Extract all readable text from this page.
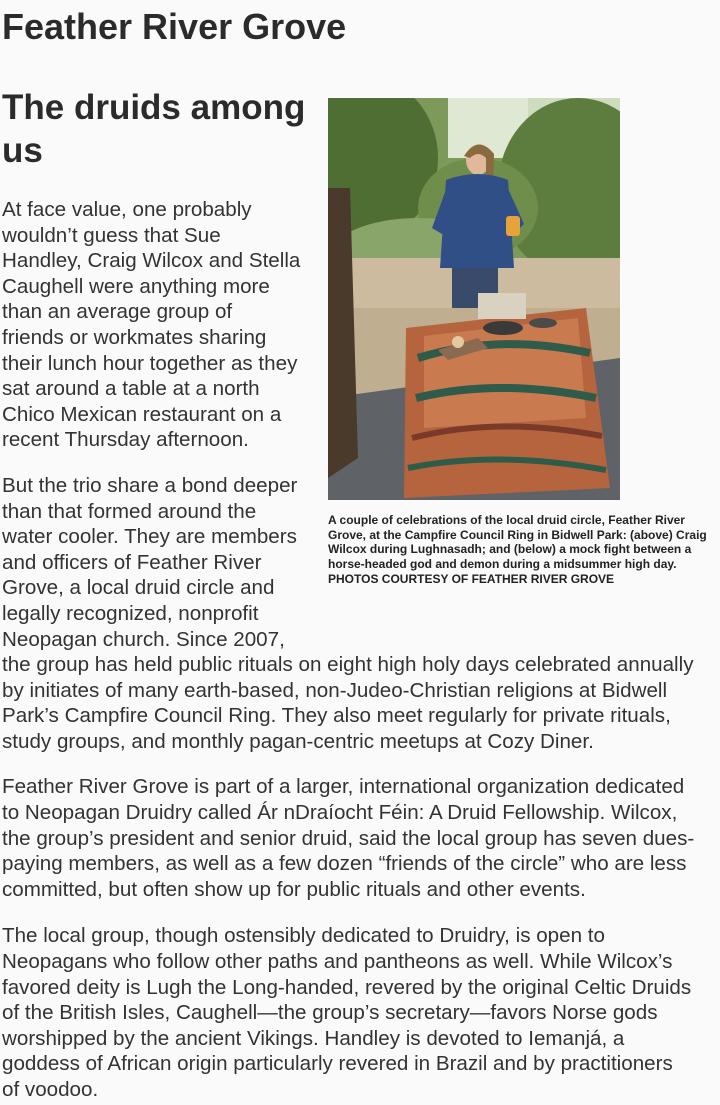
Feather River Grove
The druids among
us
A couple of celebrations of the local druid circle, Feather River
Grove, at the Campfire Council Ring in Bidwell Park: (above) Craig
Wilcox during Lughnasadh; and (below) a mock fight between a
horse-headed god and demon during a midsummer high day.
PHOTOS COURTESY OF FEATHER RIVER GROVE

At face value, one probably
wouldn’t guess that Sue
Handley, Craig Wilcox and Stella
Caughell were anything more
than an average group of
friends or workmates sharing
their lunch hour together as they
sat around a table at a north
Chico Mexican restaurant on a
recent Thursday afternoon.

But the trio share a bond deeper
than that formed around the
water cooler. They are members
and officers of Feather River
Grove, a local druid circle and
legally recognized, nonprofit
Neopagan church. Since 2007,
the group has held public rituals on eight high holy days celebrated annually
by initiates of many earth-based, non-Judeo-Christian religions at Bidwell
Park’s Campfire Council Ring. They also meet regularly for private rituals,
study groups, and monthly pagan-centric meetups at Cozy Diner.

Feather River Grove is part of a larger, international organization dedicated
to Neopagan Druidry called Ár nDraíocht Féin: A Druid Fellowship. Wilcox,
the group’s president and senior druid, said the local group has seven dues-
paying members, as well as a few dozen “friends of the circle” who are less
committed, but often show up for public rituals and other events.

The local group, though ostensibly dedicated to Druidry, is open to
Neopagans who follow other paths and pantheons as well. While Wilcox’s
favored deity is Lugh the Long-handed, revered by the original Celtic Druids
of the British Isles, Caughell—the group’s secretary—favors Norse gods
worshipped by the ancient Vikings. Handley is devoted to Iemanjá, a
goddess of African origin particularly revered in Brazil and by practitioners
of voodoo.
